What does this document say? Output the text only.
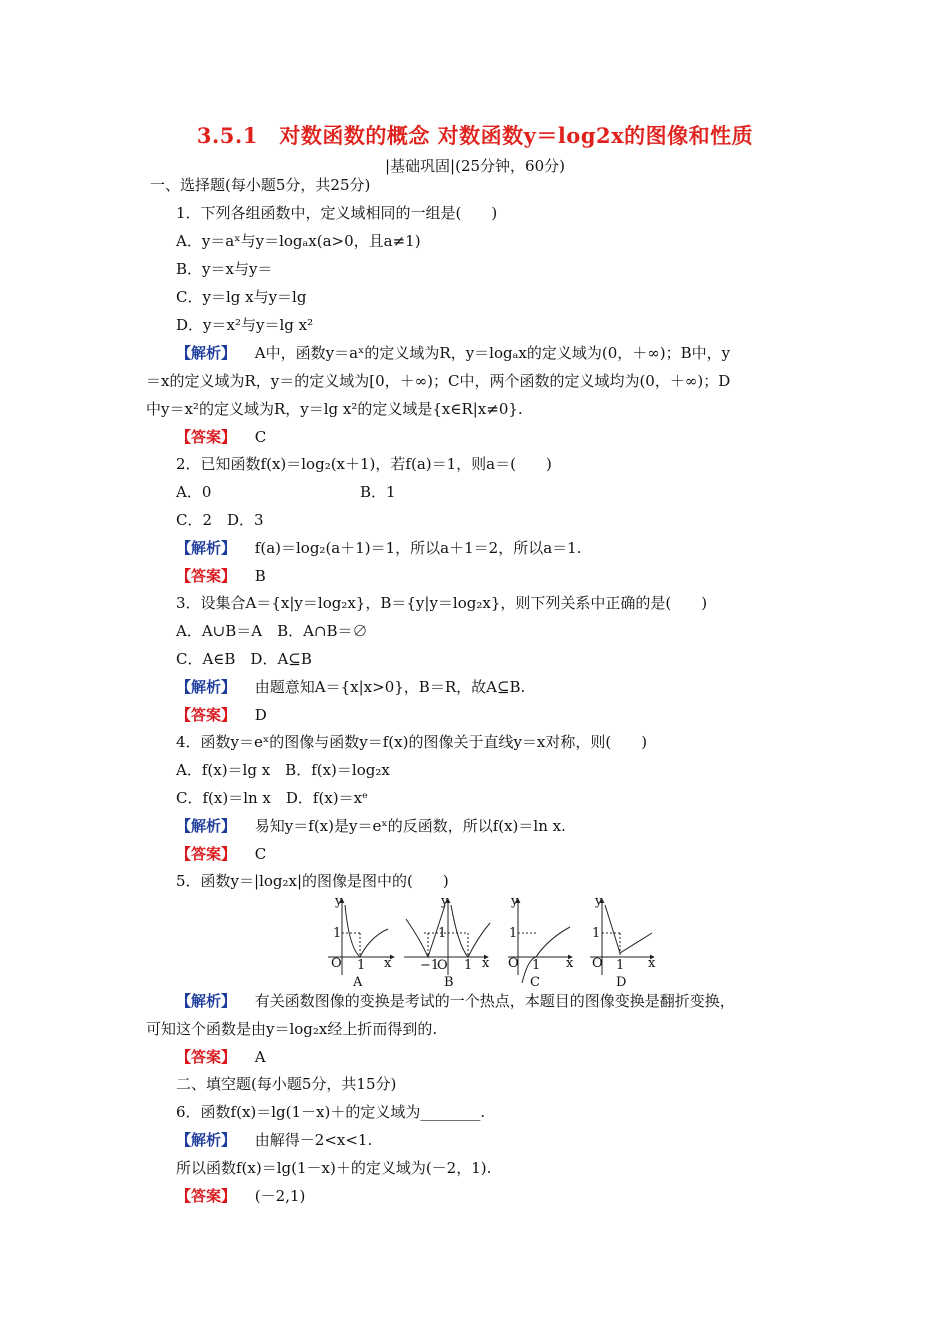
3.5.1　对数函数的概念 对数函数y＝log2x的图像和性质
|基础巩固|(25分钟，60分)
一、选择题(每小题5分，共25分)
1．下列各组函数中，定义域相同的一组是(　　)
A．y＝aˣ与y＝logₐx(a>0，且a≠1)
B．y＝x与y＝
C．y＝lg x与y＝lg
D．y＝x²与y＝lg x²
【解析】 A中，函数y＝aˣ的定义域为R，y＝logₐx的定义域为(0，＋∞)；B中，y
＝x的定义域为R，y＝的定义域为[0，＋∞)；C中，两个函数的定义域均为(0，＋∞)；D
中y＝x²的定义域为R，y＝lg x²的定义域是{x∈R|x≠0}.
【答案】 C
2．已知函数f(x)＝log₂(x＋1)，若f(a)＝1，则a＝(　　)
A．0	B．1
C．2　D．3
【解析】 f(a)＝log₂(a＋1)＝1，所以a＋1＝2，所以a＝1.
【答案】 B
3．设集合A＝{x|y＝log₂x}，B＝{y|y＝log₂x}，则下列关系中正确的是(　　)
A．A∪B＝A　B．A∩B＝∅
C．A∈B　D．A⊆B
【解析】 由题意知A＝{x|x>0}，B＝R，故A⊆B.
【答案】 D
4．函数y＝eˣ的图像与函数y＝f(x)的图像关于直线y＝x对称，则(　　)
A．f(x)＝lg x　B．f(x)＝log₂x
C．f(x)＝ln x　D．f(x)＝xᵉ
【解析】 易知y＝f(x)是y＝eˣ的反函数，所以f(x)＝ln x.
【答案】 C
5．函数y＝|log₂x|的图像是图中的(　　)
y
1
O 1 x
A
y
1
−1
O 1 x
B
y
1
O 1 x
C
y
1
O 1 x
D
【解析】 有关函数图像的变换是考试的一个热点，本题目的图像变换是翻折变换，
可知这个函数是由y＝log₂x经上折而得到的.
【答案】 A
二、填空题(每小题5分，共15分)
6．函数f(x)＝lg(1－x)＋的定义域为________.
【解析】 由解得－2<x<1.
所以函数f(x)＝lg(1－x)＋的定义域为(－2，1).
【答案】 (－2,1)
